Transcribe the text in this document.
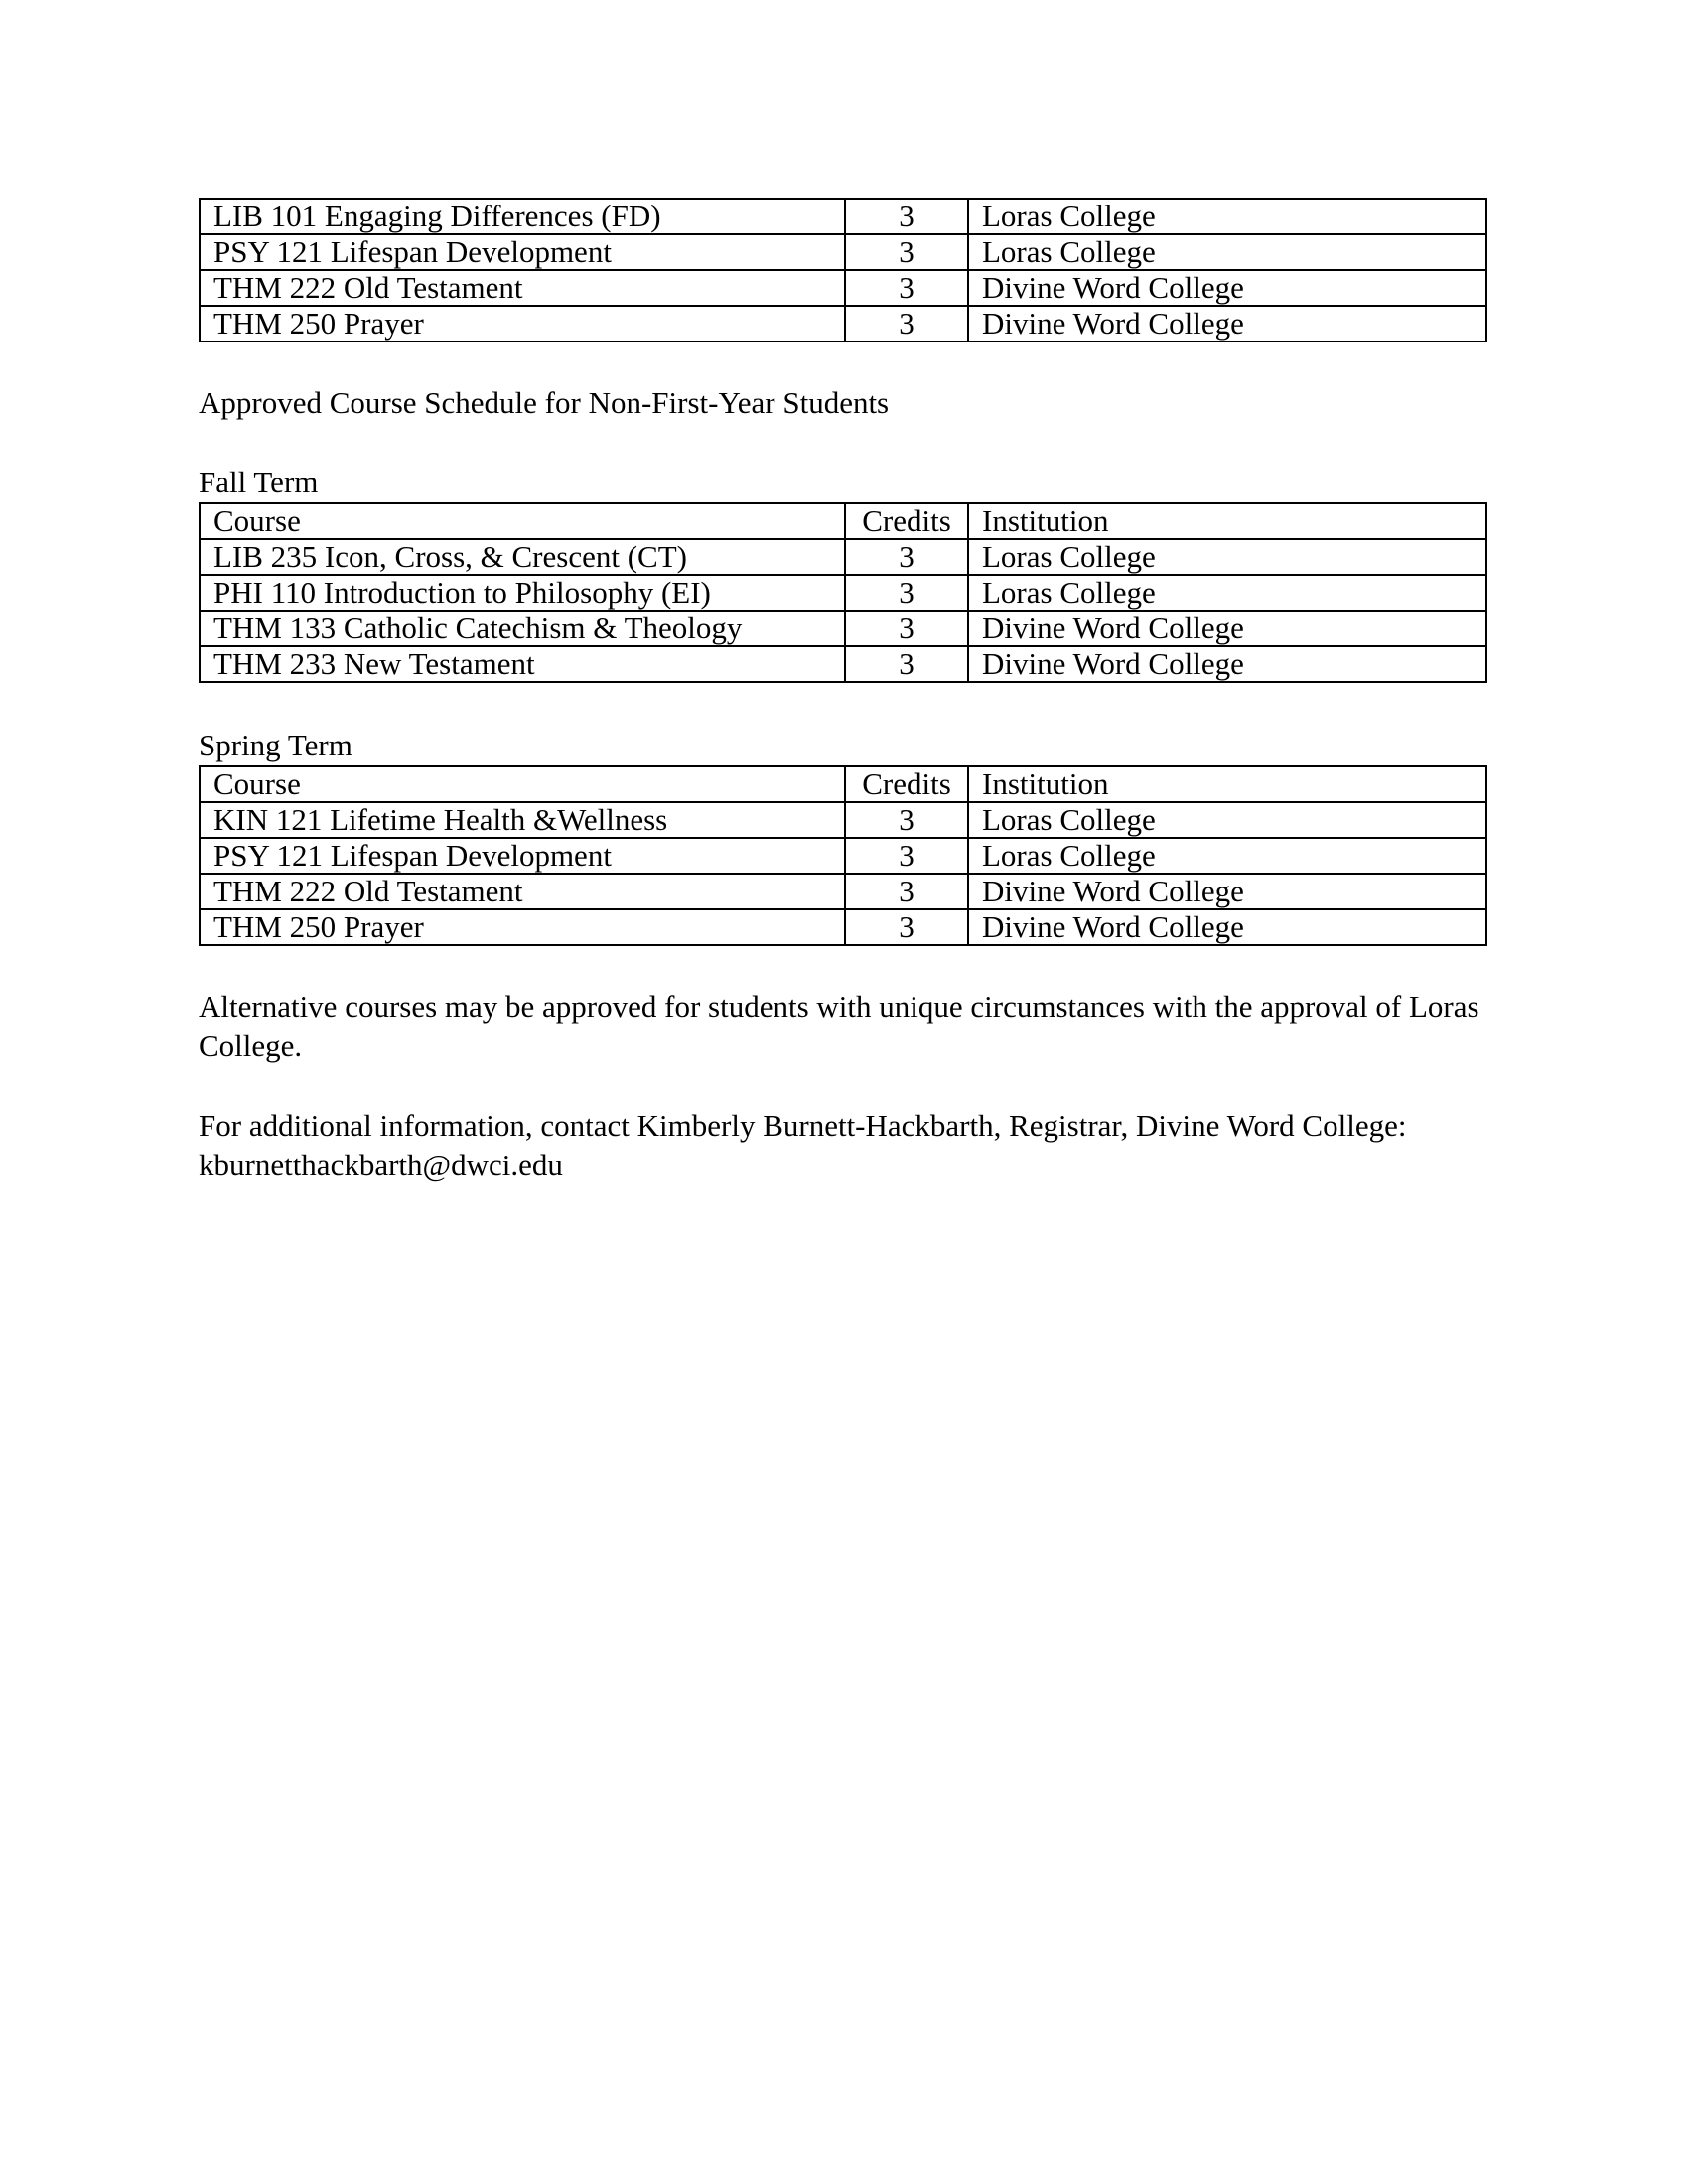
LIB 101 Engaging Differences (FD)	3	Loras College
PSY 121 Lifespan Development	3	Loras College
THM 222 Old Testament	3	Divine Word College
THM 250 Prayer	3	Divine Word College

Approved Course Schedule for Non-First-Year Students

Fall Term

Course	Credits	Institution
LIB 235 Icon, Cross, & Crescent (CT)	3	Loras College
PHI 110 Introduction to Philosophy (EI)	3	Loras College
THM 133 Catholic Catechism & Theology	3	Divine Word College
THM 233 New Testament	3	Divine Word College

Spring Term

Course	Credits	Institution
KIN 121 Lifetime Health &Wellness	3	Loras College
PSY 121 Lifespan Development	3	Loras College
THM 222 Old Testament	3	Divine Word College
THM 250 Prayer	3	Divine Word College

Alternative courses may be approved for students with unique circumstances with the approval of Loras

College.

For additional information, contact Kimberly Burnett-Hackbarth, Registrar, Divine Word College:

kburnetthackbarth@dwci.edu
